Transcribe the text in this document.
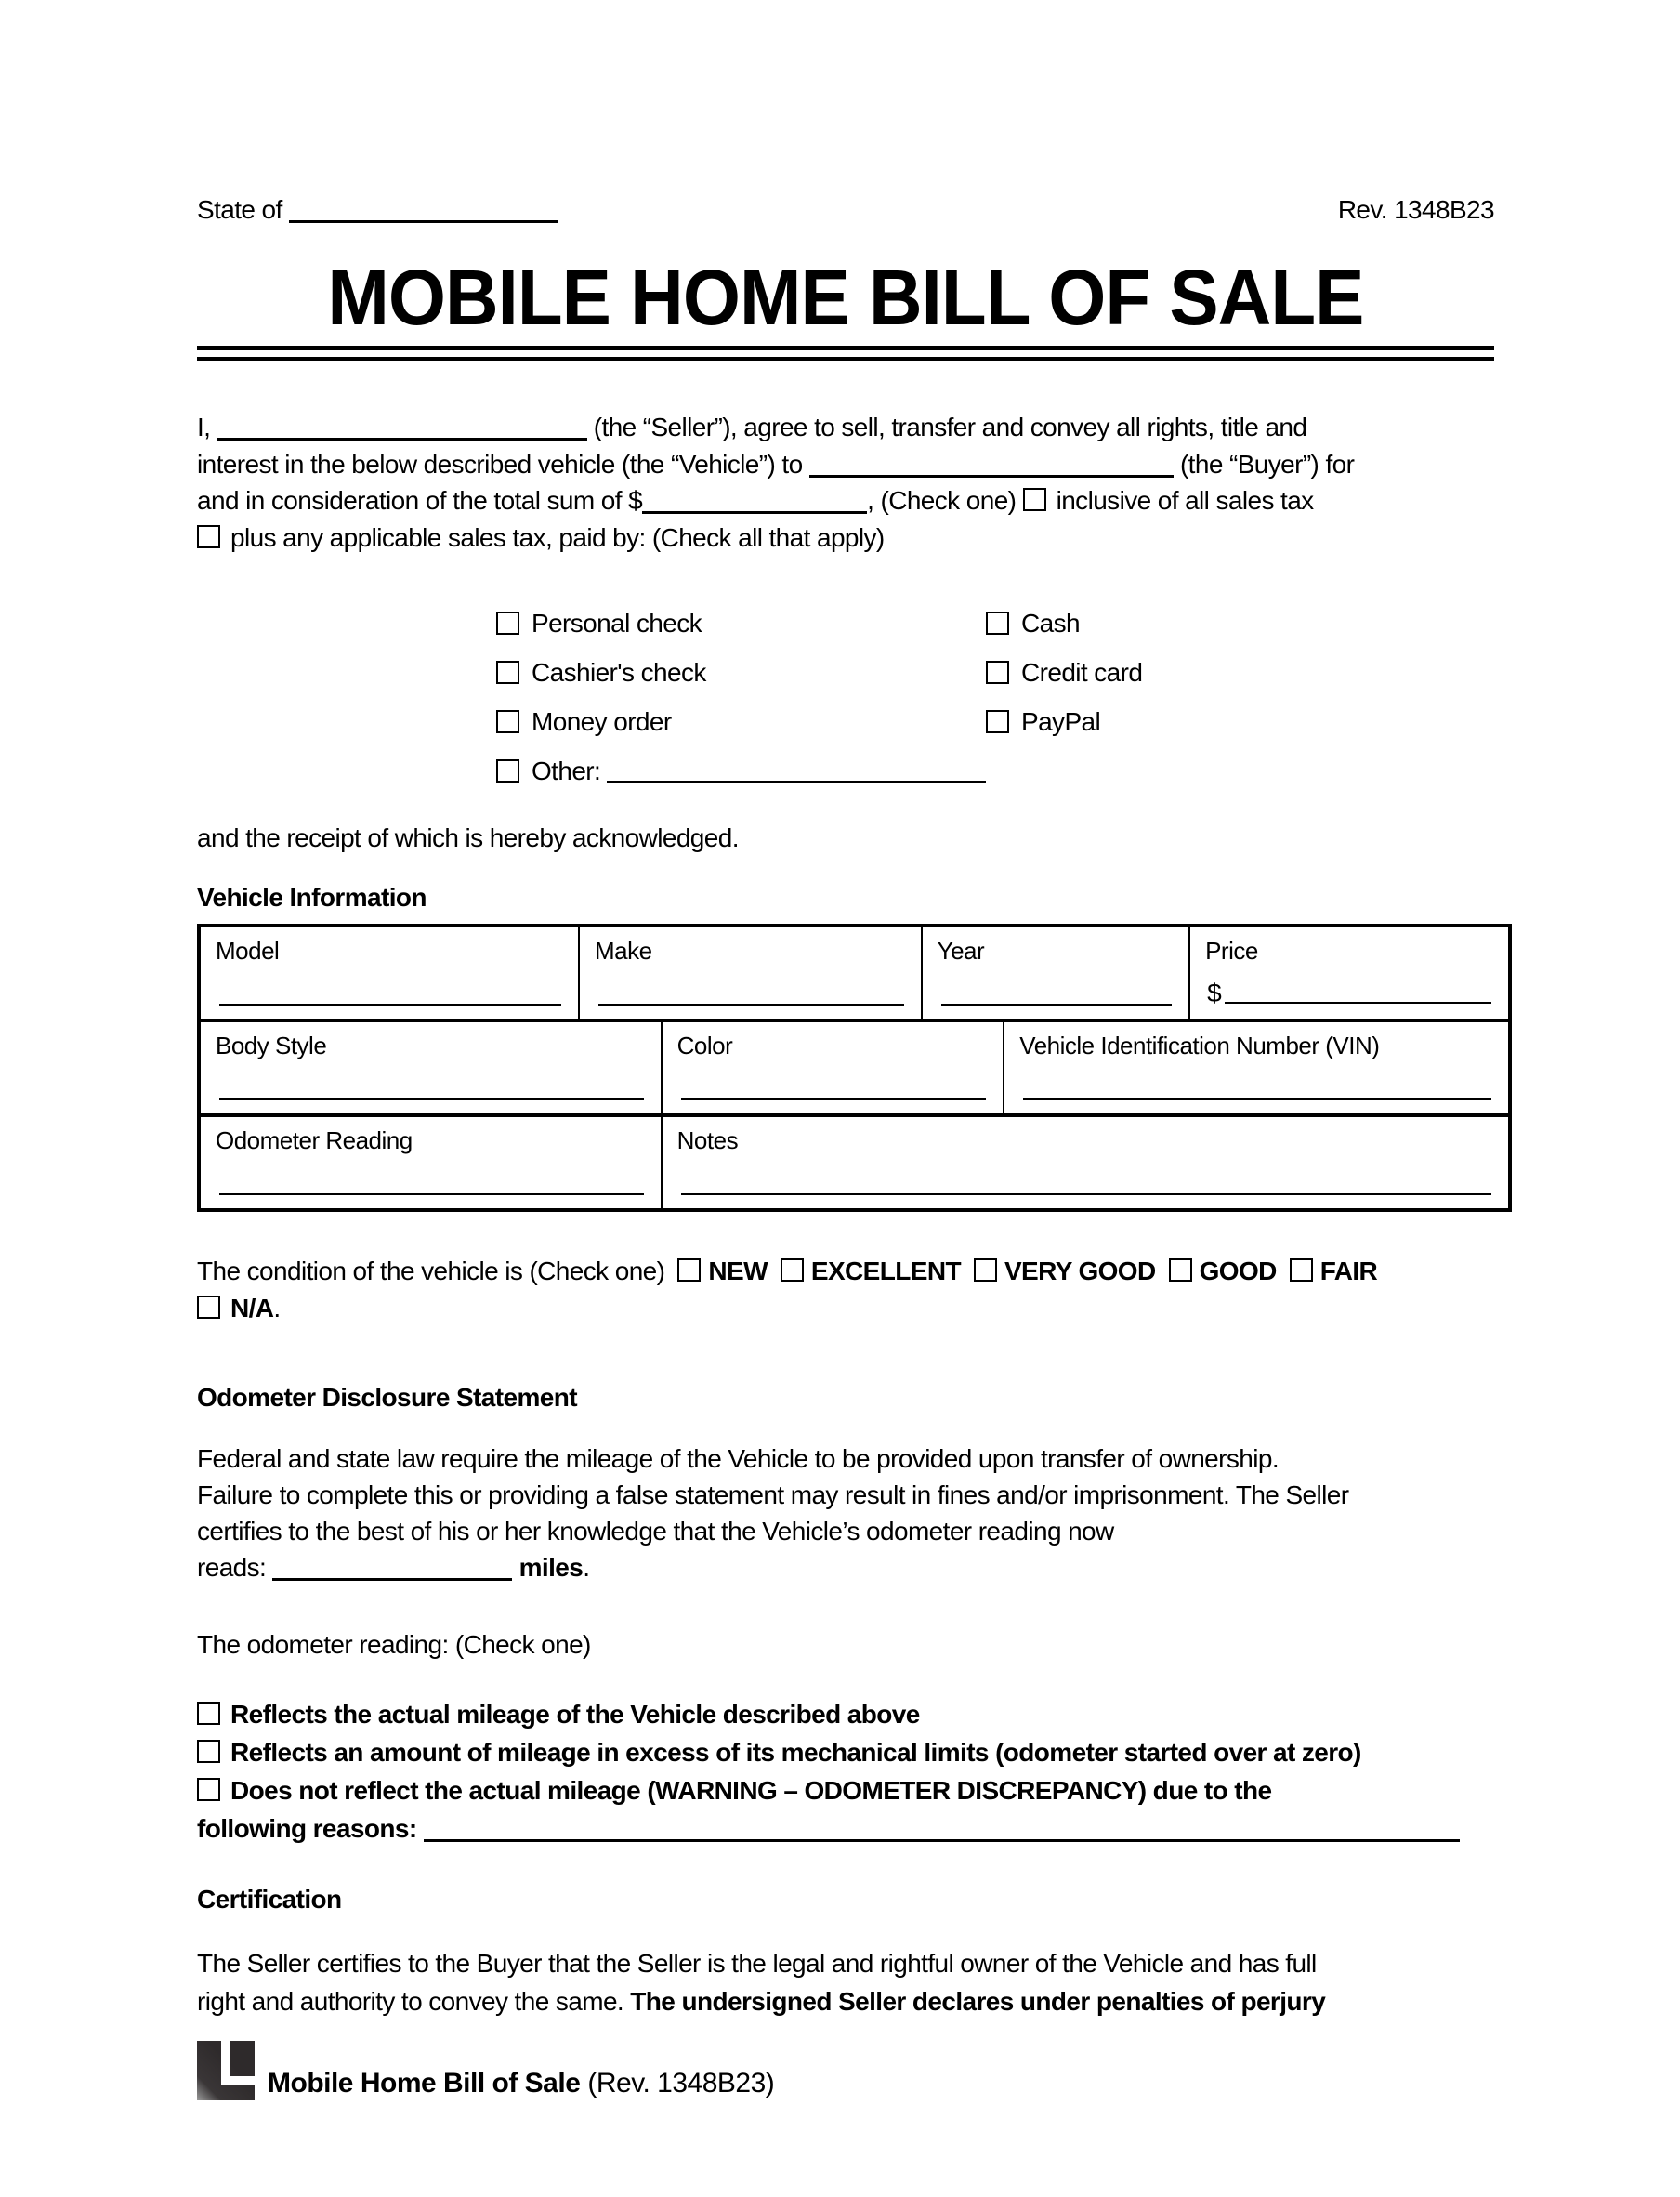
State of	Rev. 1348B23
MOBILE HOME BILL OF SALE
I,	(the “Seller”), agree to sell, transfer and convey all rights, title and
interest in the below described vehicle (the “Vehicle”) to	(the “Buyer”) for
and in consideration of the total sum of $	, (Check one) inclusive of all sales tax
plus any applicable sales tax, paid by: (Check all that apply)
Personal check
Cashier's check
Money order
Other:

Cash
Credit card
PayPal
and the receipt of which is hereby acknowledged.
Vehicle Information
Model	Make	Year	Price
$
Body Style	Color	Vehicle Identification Number (VIN)
Odometer Reading	Notes
The condition of the vehicle is (Check one) NEW EXCELLENT VERY GOOD GOOD FAIR
N/A.
Odometer Disclosure Statement
Federal and state law require the mileage of the Vehicle to be provided upon transfer of ownership.
Failure to complete this or providing a false statement may result in fines and/or imprisonment. The Seller
certifies to the best of his or her knowledge that the Vehicle’s odometer reading now
reads:	miles.
The odometer reading: (Check one)
Reflects the actual mileage of the Vehicle described above
Reflects an amount of mileage in excess of its mechanical limits (odometer started over at zero)
Does not reflect the actual mileage (WARNING – ODOMETER DISCREPANCY) due to the
following reasons:
Certification
The Seller certifies to the Buyer that the Seller is the legal and rightful owner of the Vehicle and has full
right and authority to convey the same. The undersigned Seller declares under penalties of perjury
Mobile Home Bill of Sale (Rev. 1348B23)
